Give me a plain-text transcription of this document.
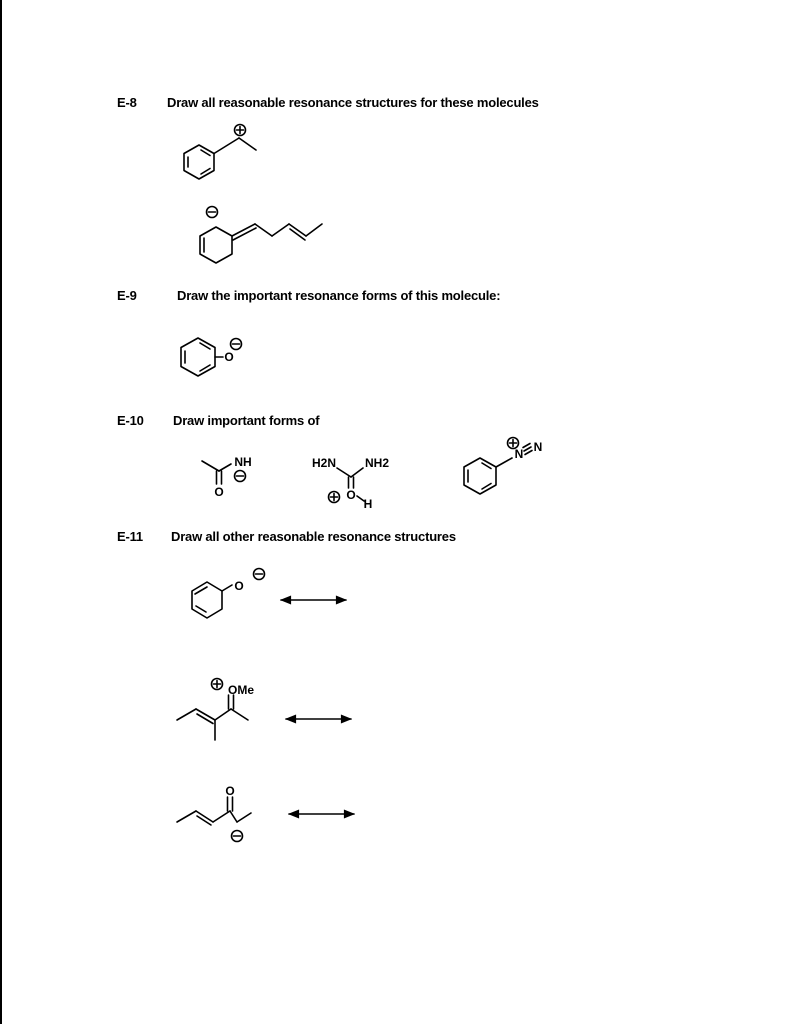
E-8 Draw all reasonable resonance structures for these molecules
E-9	Draw the important resonance forms of this molecule:
E-10 Draw important forms of
E-11 Draw all other reasonable resonance structures
O
NH
O
H2N NH2
O
H
N N
O
OMe
O
